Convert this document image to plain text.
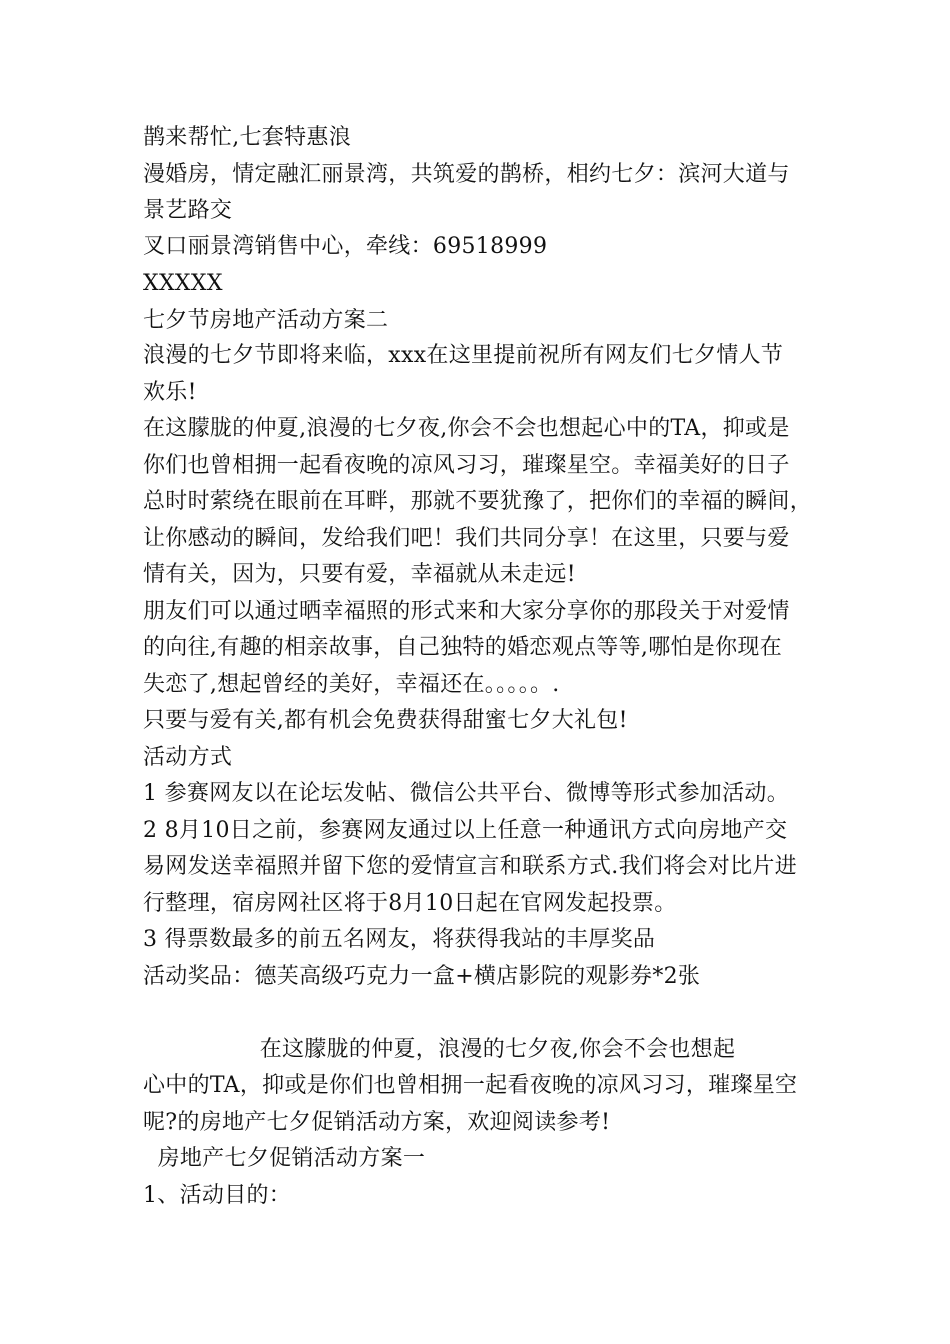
鹊来帮忙,七套特惠浪
漫婚房，情定融汇丽景湾，共筑爱的鹊桥，相约七夕：滨河大道与
景艺路交
叉口丽景湾销售中心，牵线：69518999
XXXXX
七夕节房地产活动方案二
浪漫的七夕节即将来临，xxx在这里提前祝所有网友们七夕情人节
欢乐!
在这朦胧的仲夏,浪漫的七夕夜,你会不会也想起心中的TA，抑或是
你们也曾相拥一起看夜晚的凉风习习，璀璨星空。幸福美好的日子
总时时萦绕在眼前在耳畔，那就不要犹豫了，把你们的幸福的瞬间，
让你感动的瞬间，发给我们吧！我们共同分享！在这里，只要与爱
情有关，因为，只要有爱，幸福就从未走远!
朋友们可以通过晒幸福照的形式来和大家分享你的那段关于对爱情
的向往,有趣的相亲故事，自己独特的婚恋观点等等,哪怕是你现在
失恋了,想起曾经的美好，幸福还在。。。。。.
只要与爱有关,都有机会免费获得甜蜜七夕大礼包!
活动方式
1 参赛网友以在论坛发帖、微信公共平台、微博等形式参加活动。
2 8月10日之前，参赛网友通过以上任意一种通讯方式向房地产交
易网发送幸福照并留下您的爱情宣言和联系方式.我们将会对比片进
行整理，宿房网社区将于8月10日起在官网发起投票。
3 得票数最多的前五名网友，将获得我站的丰厚奖品
活动奖品：德芙高级巧克力一盒+横店影院的观影券*2张
在这朦胧的仲夏，浪漫的七夕夜,你会不会也想起
心中的TA，抑或是你们也曾相拥一起看夜晚的凉风习习，璀璨星空
呢?的房地产七夕促销活动方案，欢迎阅读参考!
房地产七夕促销活动方案一
1、活动目的：
